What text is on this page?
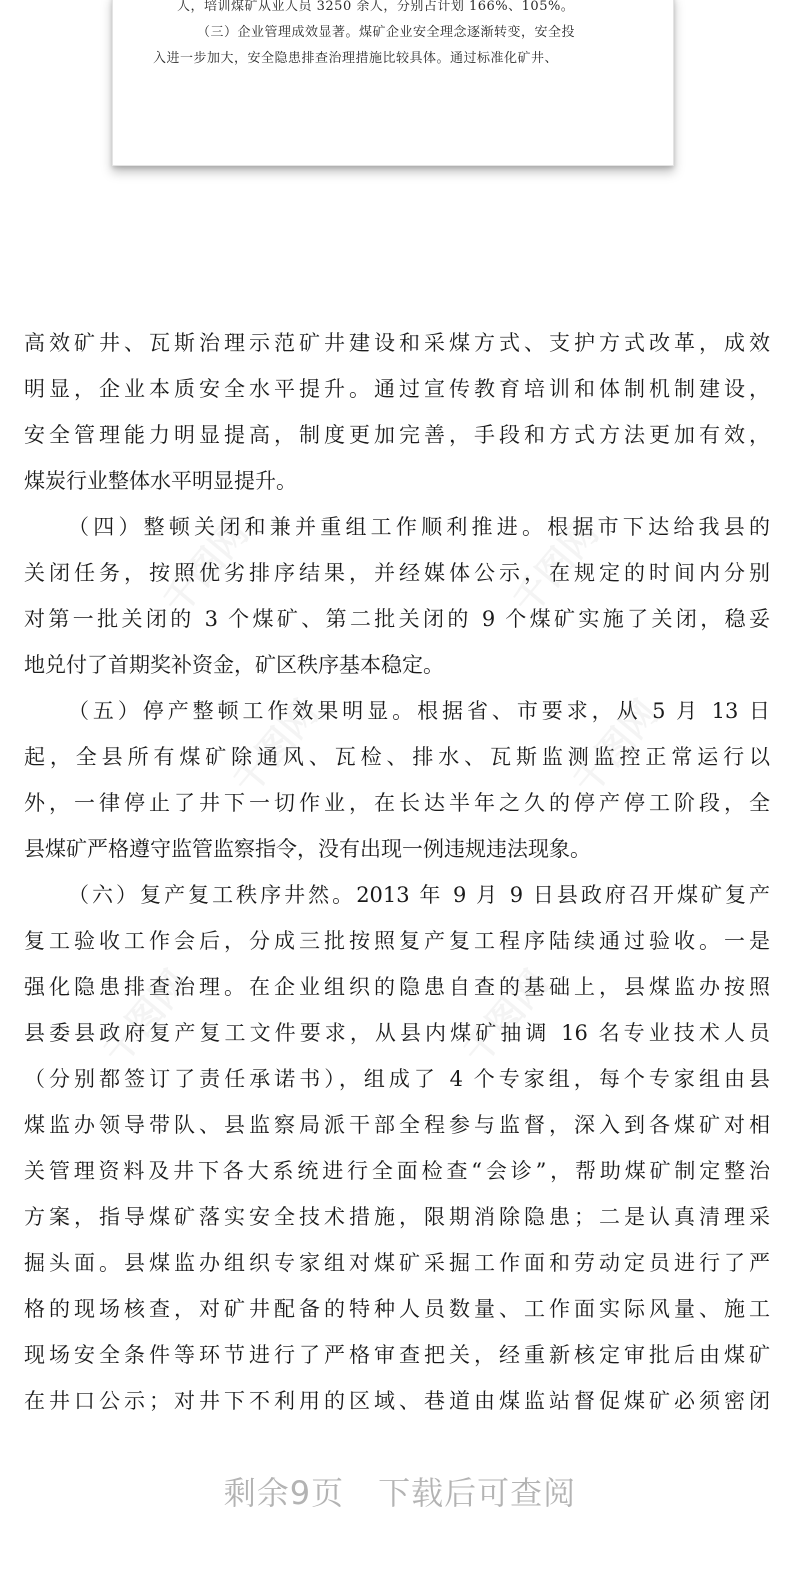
人，培训煤矿从业人员 3250 余人，分别占计划 166%、105%。
（三）企业管理成效显著。煤矿企业安全理念逐渐转变，安全投
入进一步加大，安全隐患排查治理措施比较具体。通过标准化矿井、
千图网	千图网
千图网	千图网
千图网	千图网
高效矿井、瓦斯治理示范矿井建设和采煤方式、支护方式改革，成效
明显，企业本质安全水平提升。通过宣传教育培训和体制机制建设，
安全管理能力明显提高，制度更加完善，手段和方式方法更加有效，
煤炭行业整体水平明显提升。
（四）整顿关闭和兼并重组工作顺利推进。根据市下达给我县的
关闭任务，按照优劣排序结果，并经媒体公示，在规定的时间内分别
对第一批关闭的 3 个煤矿、第二批关闭的 9 个煤矿实施了关闭，稳妥
地兑付了首期奖补资金，矿区秩序基本稳定。
（五）停产整顿工作效果明显。根据省、市要求，从 5 月 13 日
起，全县所有煤矿除通风、瓦检、排水、瓦斯监测监控正常运行以
外，一律停止了井下一切作业，在长达半年之久的停产停工阶段，全
县煤矿严格遵守监管监察指令，没有出现一例违规违法现象。
（六）复产复工秩序井然。2013 年 9 月 9 日县政府召开煤矿复产
复工验收工作会后，分成三批按照复产复工程序陆续通过验收。一是
强化隐患排查治理。在企业组织的隐患自查的基础上，县煤监办按照
县委县政府复产复工文件要求，从县内煤矿抽调 16 名专业技术人员
（分别都签订了责任承诺书），组成了 4 个专家组，每个专家组由县
煤监办领导带队、县监察局派干部全程参与监督，深入到各煤矿对相
关管理资料及井下各大系统进行全面检查“会诊”，帮助煤矿制定整治
方案，指导煤矿落实安全技术措施，限期消除隐患；二是认真清理采
掘头面。县煤监办组织专家组对煤矿采掘工作面和劳动定员进行了严
格的现场核查，对矿井配备的特种人员数量、工作面实际风量、施工
现场安全条件等环节进行了严格审查把关，经重新核定审批后由煤矿
在井口公示；对井下不利用的区域、巷道由煤监站督促煤矿必须密闭
剩余9页 下载后可查阅
